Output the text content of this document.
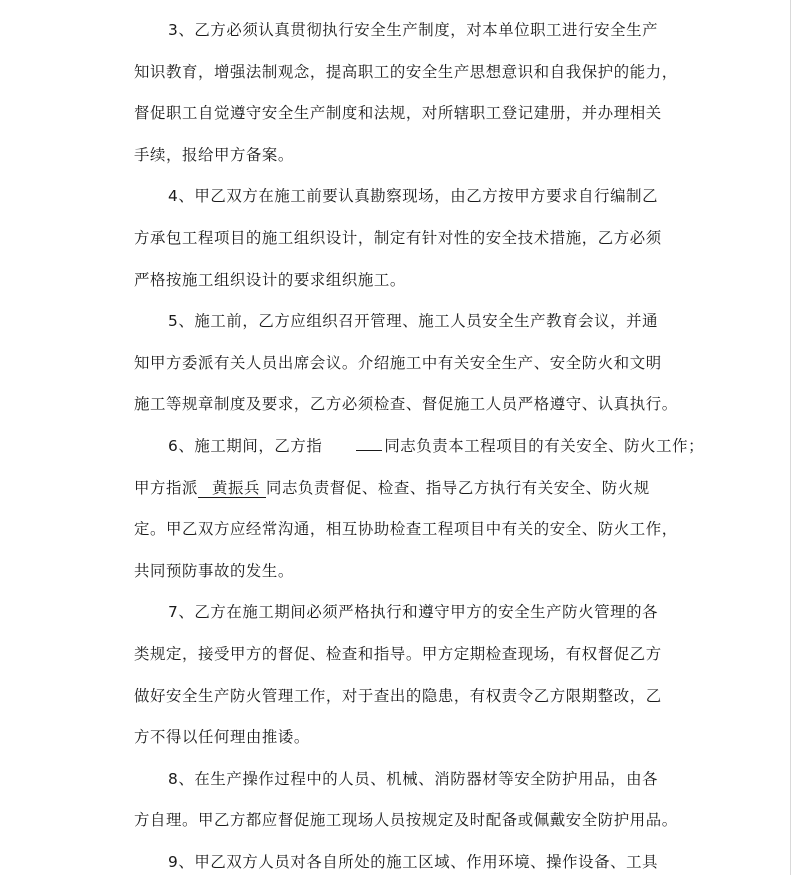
3、乙方必须认真贯彻执行安全生产制度，对本单位职工进行安全生产
知识教育，增强法制观念，提高职工的安全生产思想意识和自我保护的能力，
督促职工自觉遵守安全生产制度和法规，对所辖职工登记建册，并办理相关
手续，报给甲方备案。
4、甲乙双方在施工前要认真勘察现场，由乙方按甲方要求自行编制乙
方承包工程项目的施工组织设计，制定有针对性的安全技术措施，乙方必须
严格按施工组织设计的要求组织施工。
5、施工前，乙方应组织召开管理、施工人员安全生产教育会议，并通
知甲方委派有关人员出席会议。介绍施工中有关安全生产、安全防火和文明
施工等规章制度及要求，乙方必须检查、督促施工人员严格遵守、认真执行。
6、施工期间，乙方指	同志负责本工程项目的有关安全、防火工作；
甲方指派 黄振兵 同志负责督促、检查、指导乙方执行有关安全、防火规
定。甲乙双方应经常沟通，相互协助检查工程项目中有关的安全、防火工作，
共同预防事故的发生。
7、乙方在施工期间必须严格执行和遵守甲方的安全生产防火管理的各
类规定，接受甲方的督促、检查和指导。甲方定期检查现场，有权督促乙方
做好安全生产防火管理工作，对于查出的隐患，有权责令乙方限期整改，乙
方不得以任何理由推诿。
8、在生产操作过程中的人员、机械、消防器材等安全防护用品，由各
方自理。甲乙方都应督促施工现场人员按规定及时配备或佩戴安全防护用品。
9、甲乙双方人员对各自所处的施工区域、作用环境、操作设备、工具
